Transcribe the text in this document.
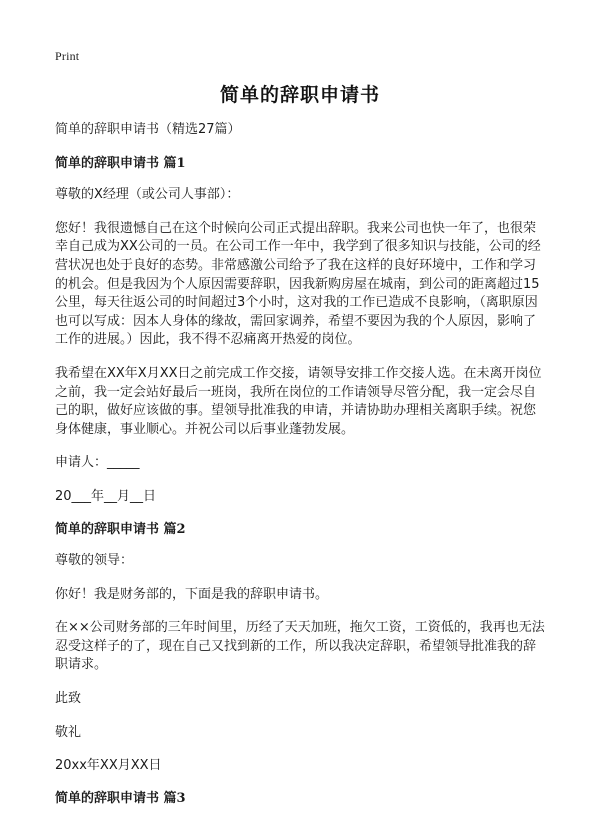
Print
简单的辞职申请书

简单的辞职申请书（精选27篇）

简单的辞职申请书 篇1

尊敬的X经理（或公司人事部）：

您好！我很遗憾自己在这个时候向公司正式提出辞职。我来公司也快一年了，也很荣幸自己成为XX公司的一员。在公司工作一年中，我学到了很多知识与技能，公司的经营状况也处于良好的态势。非常感激公司给予了我在这样的良好环境中，工作和学习的机会。但是我因为个人原因需要辞职，因我新购房屋在城南，到公司的距离超过15公里，每天往返公司的时间超过3个小时，这对我的工作已造成不良影响，（离职原因也可以写成：因本人身体的缘故，需回家调养，希望不要因为我的个人原因，影响了工作的进展。）因此，我不得不忍痛离开热爱的岗位。

我希望在XX年X月XX日之前完成工作交接，请领导安排工作交接人选。在未离开岗位之前，我一定会站好最后一班岗，我所在岗位的工作请领导尽管分配，我一定会尽自己的职，做好应该做的事。望领导批准我的申请，并请协助办理相关离职手续。祝您身体健康，事业顺心。并祝公司以后事业蓬勃发展。

申请人：_____

20___年__月__日

简单的辞职申请书 篇2

尊敬的领导：

你好！我是财务部的，下面是我的辞职申请书。

在××公司财务部的三年时间里，历经了天天加班，拖欠工资，工资低的，我再也无法忍受这样子的了，现在自己又找到新的工作，所以我决定辞职，希望领导批准我的辞职请求。

此致

敬礼

20xx年XX月XX日

简单的辞职申请书 篇3
